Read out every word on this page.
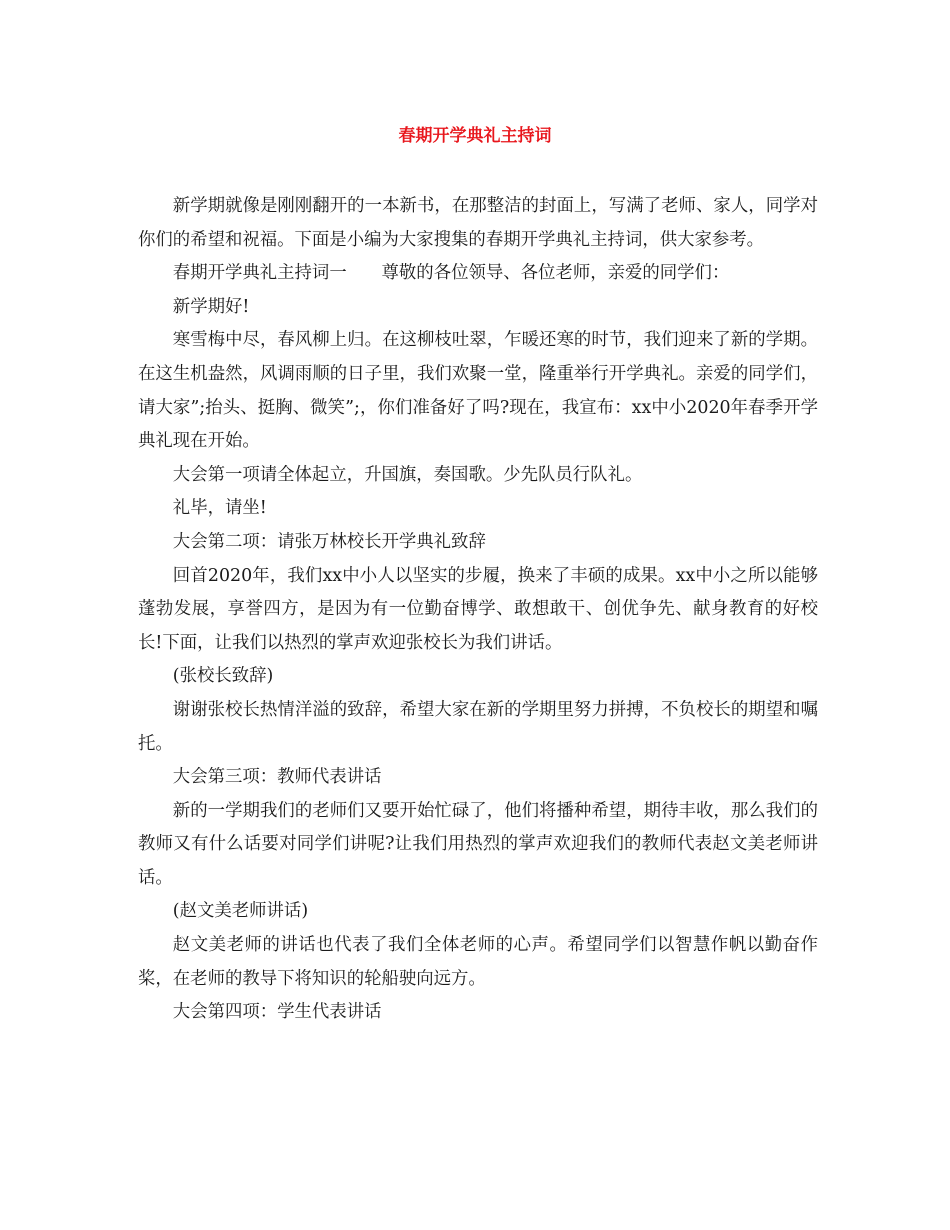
春期开学典礼主持词

新学期就像是刚刚翻开的一本新书，在那整洁的封面上，写满了老师、家人，同学对你们的希望和祝福。下面是小编为大家搜集的春期开学典礼主持词，供大家参考。

春期开学典礼主持词一 尊敬的各位领导、各位老师，亲爱的同学们：

新学期好!

寒雪梅中尽，春风柳上归。在这柳枝吐翠，乍暖还寒的时节，我们迎来了新的学期。在这生机盎然，风调雨顺的日子里，我们欢聚一堂，隆重举行开学典礼。亲爱的同学们，请大家”;抬头、挺胸、微笑”;，你们准备好了吗?现在，我宣布：xx中小2020年春季开学典礼现在开始。

大会第一项请全体起立，升国旗，奏国歌。少先队员行队礼。

礼毕，请坐!

大会第二项：请张万林校长开学典礼致辞

回首2020年，我们xx中小人以坚实的步履，换来了丰硕的成果。xx中小之所以能够蓬勃发展，享誉四方，是因为有一位勤奋博学、敢想敢干、创优争先、献身教育的好校长!下面，让我们以热烈的掌声欢迎张校长为我们讲话。

(张校长致辞)

谢谢张校长热情洋溢的致辞，希望大家在新的学期里努力拼搏，不负校长的期望和嘱托。

大会第三项：教师代表讲话

新的一学期我们的老师们又要开始忙碌了，他们将播种希望，期待丰收，那么我们的教师又有什么话要对同学们讲呢?让我们用热烈的掌声欢迎我们的教师代表赵文美老师讲话。

(赵文美老师讲话)

赵文美老师的讲话也代表了我们全体老师的心声。希望同学们以智慧作帆以勤奋作桨，在老师的教导下将知识的轮船驶向远方。

大会第四项：学生代表讲话
